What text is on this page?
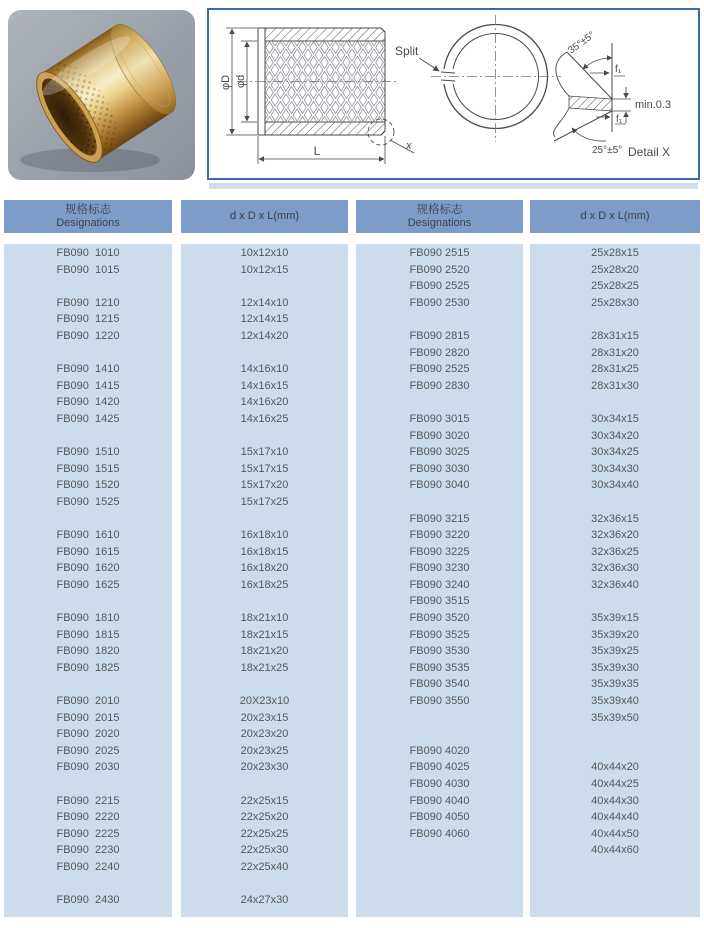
φD φd
L	x
Split	35°±5°
25°±5°
f₁
f₁
min.0.3
Detail X
规格标志
Designations
d x D x L(mm)
规格标志
Designations
d x D x L(mm)
FB090  1010
FB090  1015
FB090  1210
FB090  1215
FB090  1220
FB090  1410
FB090  1415
FB090  1420
FB090  1425
FB090  1510
FB090  1515
FB090  1520
FB090  1525
FB090  1610
FB090  1615
FB090  1620
FB090  1625
FB090  1810
FB090  1815
FB090  1820
FB090  1825
FB090  2010
FB090  2015
FB090  2020
FB090  2025
FB090  2030
FB090  2215
FB090  2220
FB090  2225
FB090  2230
FB090  2240
FB090  2430
10x12x10
10x12x15
12x14x10
12x14x15
12x14x20
14x16x10
14x16x15
14x16x20
14x16x25
15x17x10
15x17x15
15x17x20
15x17x25
16x18x10
16x18x15
16x18x20
16x18x25
18x21x10
18x21x15
18x21x20
18x21x25
20X23x10
20x23x15
20x23x20
20x23x25
20x23x30
22x25x15
22x25x20
22x25x25
22x25x30
22x25x40
24x27x30
FB090 2515
FB090 2520
FB090 2525
FB090 2530
FB090 2815
FB090 2820
FB090 2525
FB090 2830
FB090 3015
FB090 3020
FB090 3025
FB090 3030
FB090 3040
FB090 3215
FB090 3220
FB090 3225
FB090 3230
FB090 3240
FB090 3515
FB090 3520
FB090 3525
FB090 3530
FB090 3535
FB090 3540
FB090 3550
FB090 4020
FB090 4025
FB090 4030
FB090 4040
FB090 4050
FB090 4060
25x28x15
25x28x20
25x28x25
25x28x30
28x31x15
28x31x20
28x31x25
28x31x30
30x34x15
30x34x20
30x34x25
30x34x30
30x34x40
32x36x15
32x36x20
32x36x25
32x36x30
32x36x40
35x39x15
35x39x20
35x39x25
35x39x30
35x39x35
35x39x40
35x39x50
40x44x20
40x44x25
40x44x30
40x44x40
40x44x50
40x44x60
